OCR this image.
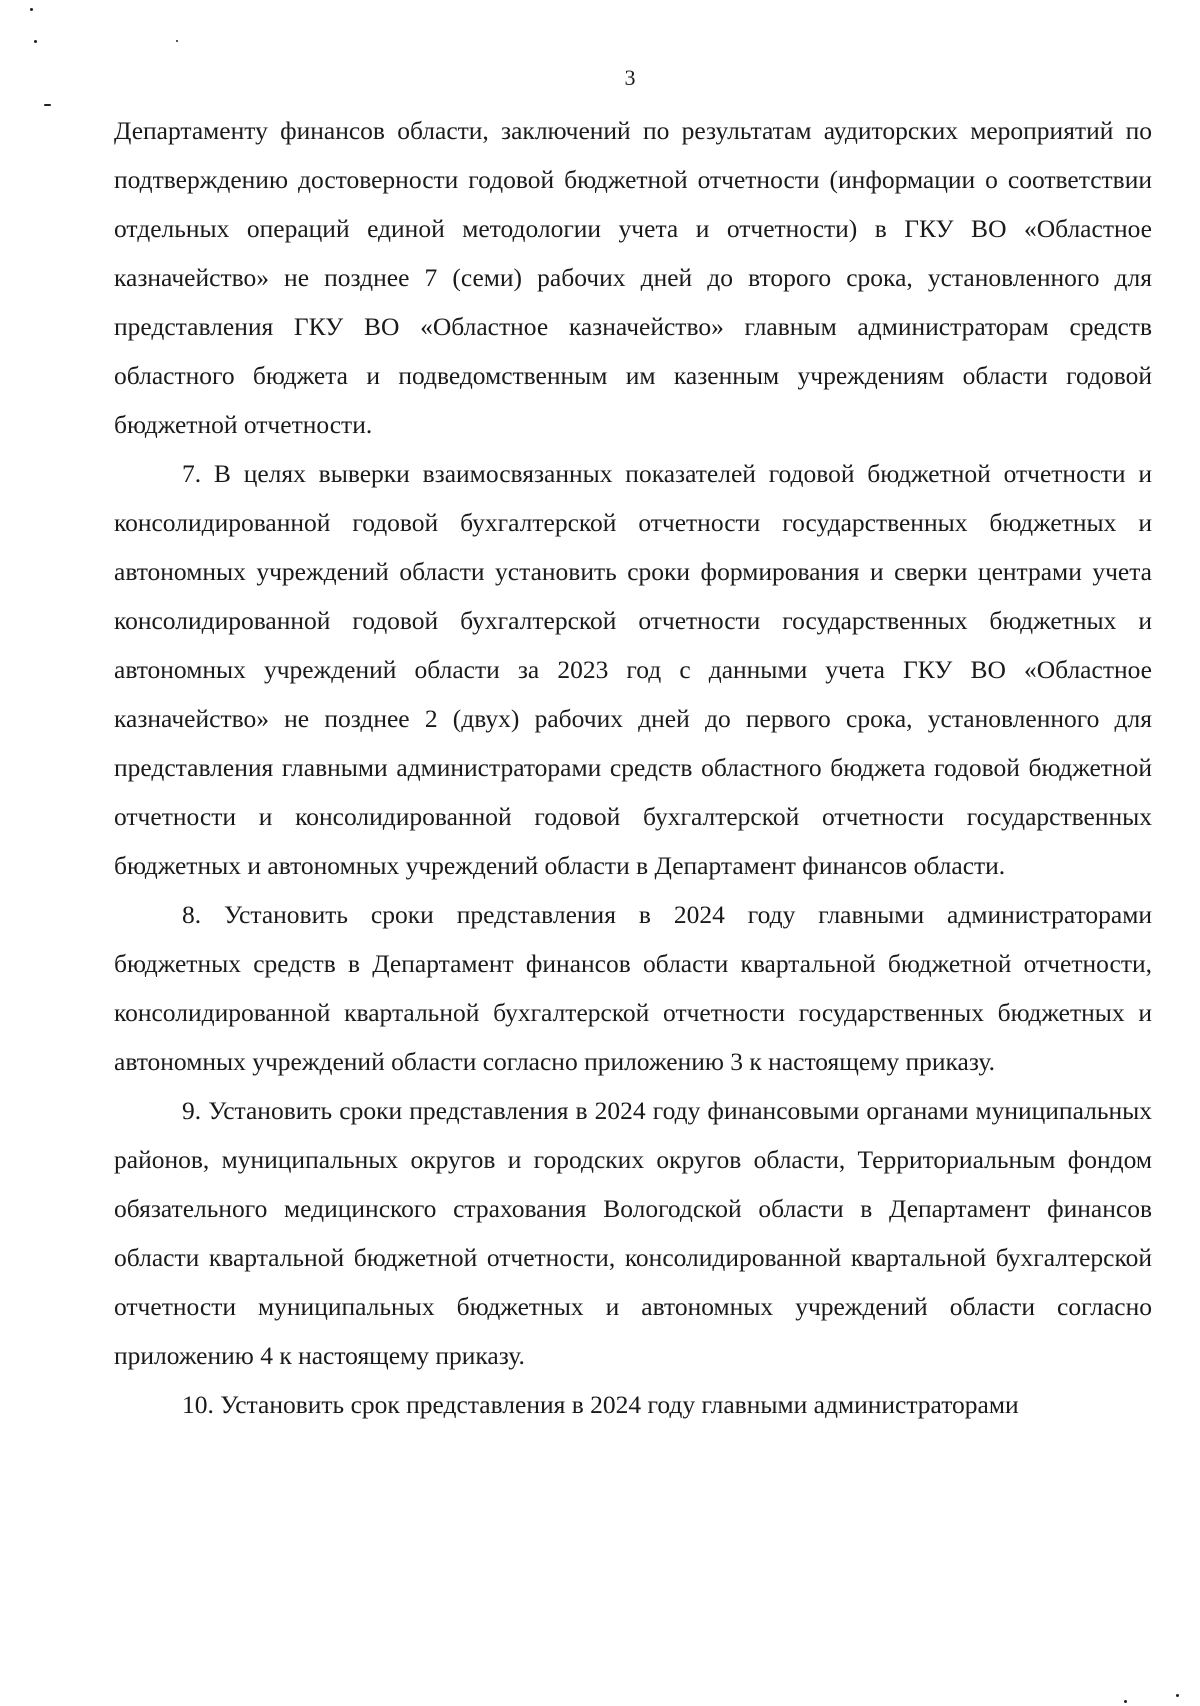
3

Департаменту финансов области, заключений по результатам аудиторских мероприятий по подтверждению достоверности годовой бюджетной отчетности (информации о соответствии отдельных операций единой методологии учета и отчетности) в ГКУ ВО «Областное казначейство» не позднее 7 (семи) рабочих дней до второго срока, установленного для представления ГКУ ВО «Областное казначейство» главным администраторам средств областного бюджета и подведомственным им казенным учреждениям области годовой бюджетной отчетности.

7. В целях выверки взаимосвязанных показателей годовой бюджетной отчетности и консолидированной годовой бухгалтерской отчетности государственных бюджетных и автономных учреждений области установить сроки формирования и сверки центрами учета консолидированной годовой бухгалтерской отчетности государственных бюджетных и автономных учреждений области за 2023 год с данными учета ГКУ ВО «Областное казначейство» не позднее 2 (двух) рабочих дней до первого срока, установленного для представления главными администраторами средств областного бюджета годовой бюджетной отчетности и консолидированной годовой бухгалтерской отчетности государственных бюджетных и автономных учреждений области в Департамент финансов области.

8. Установить сроки представления в 2024 году главными администраторами бюджетных средств в Департамент финансов области квартальной бюджетной отчетности, консолидированной квартальной бухгалтерской отчетности государственных бюджетных и автономных учреждений области согласно приложению 3 к настоящему приказу.

9. Установить сроки представления в 2024 году финансовыми органами муниципальных районов, муниципальных округов и городских округов области, Территориальным фондом обязательного медицинского страхования Вологодской области в Департамент финансов области квартальной бюджетной отчетности, консолидированной квартальной бухгалтерской отчетности муниципальных бюджетных и автономных учреждений области согласно приложению 4 к настоящему приказу.

10. Установить срок представления в 2024 году главными администраторами
